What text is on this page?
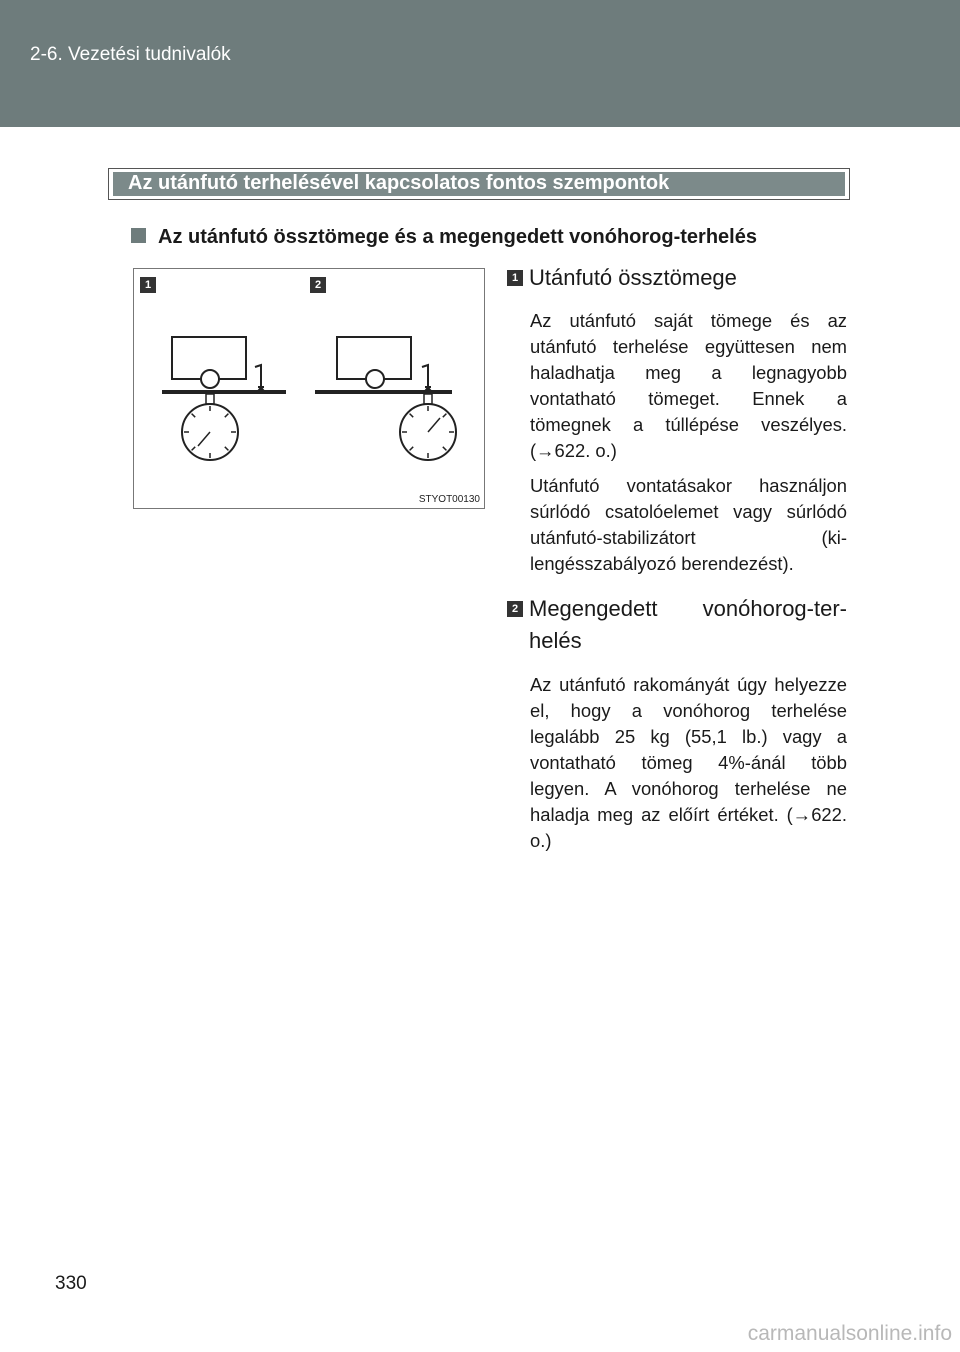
2-6. Vezetési tudnivalók
Az utánfutó terhelésével kapcsolatos fontos szempontok
Az utánfutó össztömege és a megengedett vonóhorog-terhelés
1	2
STYOT00130
1 Utánfutó össztömege
Az utánfutó saját tömege és az utánfutó terhelése együttesen nem haladhatja meg a legnagyobb vontatható tömeget. Ennek a tömegnek a túllépése veszélyes. (→622. o.)
Utánfutó vontatásakor használjon súrlódó csatolóelemet vagy súrlódó utánfutó-stabilizátort (kilengésszabályozó berendezést).
2 Megengedett vonóhorog-terhelés
Az utánfutó rakományát úgy helyezze el, hogy a vonóhorog terhelése legalább 25 kg (55,1 lb.) vagy a vontatható tömeg 4%-ánál több legyen. A vonóhorog terhelése ne haladja meg az előírt értéket. (→622. o.)
330
carmanualsonline.info
